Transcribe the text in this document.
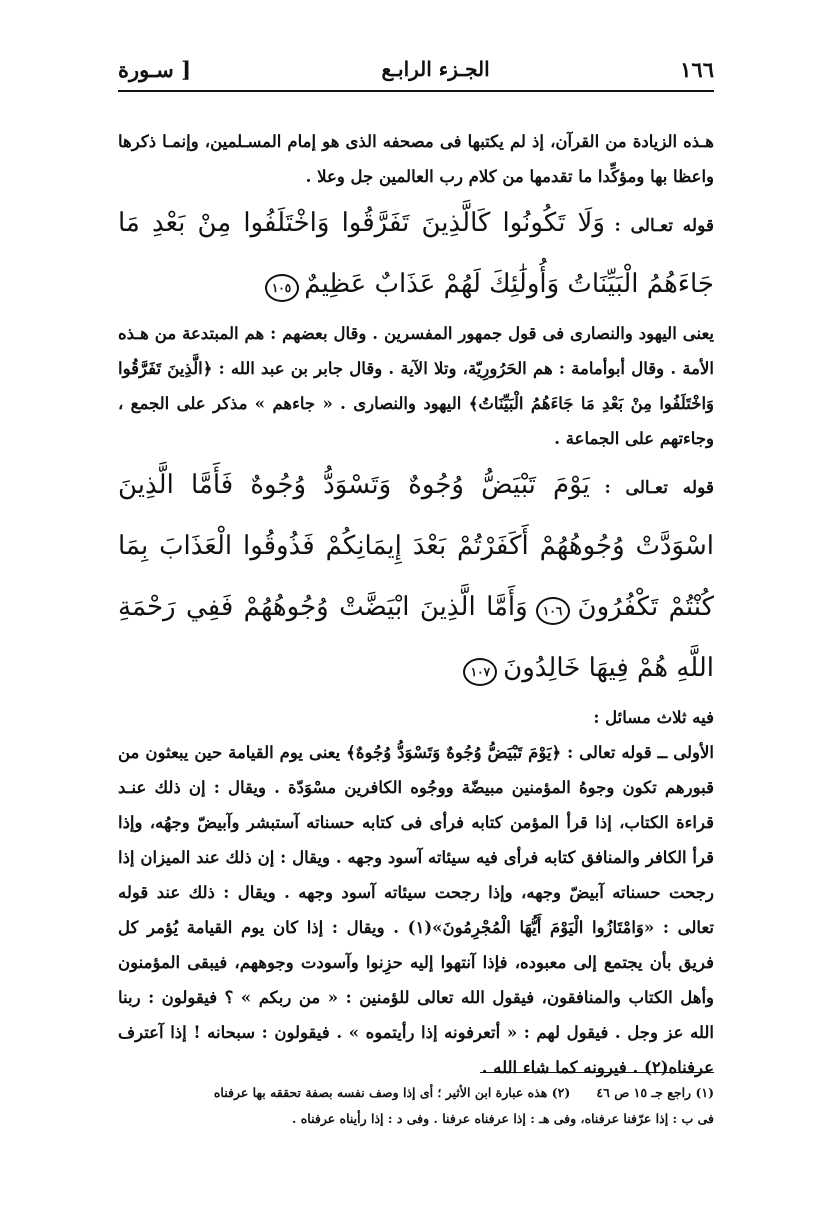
١٦٦
الجـزء الرابـع
[ سـورة

هـذه الزيادة من القرآن، إذ لم يكتبها فى مصحفه الذى هو إمام المسـلمين، وإنمـا ذكرها واعظا بها ومؤكِّدا ما تقدمها من كلام رب العالمين جل وعلا .

قوله تعـالى : وَلَا تَكُونُوا كَالَّذِينَ تَفَرَّقُوا وَاخْتَلَفُوا مِنْ بَعْدِ مَا جَاءَهُمُ الْبَيِّنَاتُ وَأُولَٰئِكَ لَهُمْ عَذَابٌ عَظِيمٌ ١٠٥

يعنى اليهود والنصارى فى قول جمهور المفسرين . وقال بعضهم : هم المبتدعة من هـذه الأمة . وقال أبوأمامة : هم الحَرُورِيّة، وتلا الآية . وقال جابر بن عبد الله : ﴿الَّذِينَ تَفَرَّقُوا وَاخْتَلَفُوا مِنْ بَعْدِ مَا جَاءَهُمُ الْبَيِّنَاتُ﴾ اليهود والنصارى . « جاءهم » مذكر على الجمع ، وجاءتهم على الجماعة .

قوله تعـالى : يَوْمَ تَبْيَضُّ وُجُوهٌ وَتَسْوَدُّ وُجُوهٌ فَأَمَّا الَّذِينَ اسْوَدَّتْ وُجُوهُهُمْ أَكَفَرْتُمْ بَعْدَ إِيمَانِكُمْ فَذُوقُوا الْعَذَابَ بِمَا كُنْتُمْ تَكْفُرُونَ ١٠٦ وَأَمَّا الَّذِينَ ابْيَضَّتْ وُجُوهُهُمْ فَفِي رَحْمَةِ اللَّهِ هُمْ فِيهَا خَالِدُونَ ١٠٧

فيه ثلاث مسائل :

الأولى ــ قوله تعالى : ﴿يَوْمَ تَبْيَضُّ وُجُوهٌ وَتَسْوَدُّ وُجُوهٌ﴾ يعنى يوم القيامة حين يبعثون من قبورهم تكون وجوهُ المؤمنين مبيضّة ووجُوه الكافرين مسْوَدّة . ويقال : إن ذلك عنـد قراءة الكتاب، إذا قرأ المؤمن كتابه فرأى فى كتابه حسناته آستبشر وآبيضّ وجهُه، وإذا قرأ الكافر والمنافق كتابه فرأى فيه سيئاته آسود وجهه . ويقال : إن ذلك عند الميزان إذا رجحت حسناته آبيضّ وجهه، وإذا رجحت سيئاته آسود وجهه . ويقال : ذلك عند قوله تعالى : «وَامْتَازُوا الْيَوْمَ أَيُّهَا الْمُجْرِمُونَ»(١) . ويقال : إذا كان يوم القيامة يُؤمر كل فريق بأن يجتمع إلى معبوده، فإذا آنتهوا إليه حزِنوا وآسودت وجوههم، فيبقى المؤمنون وأهل الكتاب والمنافقون، فيقول الله تعالى للؤمنين : « من ربكم » ؟ فيقولون : ربنا الله عز وجل . فيقول لهم : « أتعرفونه إذا رأيتموه » . فيقولون : سبحانه ! إذا آعترف عرفناه(٢) . فيرونه كما شاء الله .

(١) راجع جـ ١٥ ص ٤٦      (٢) هذه عبارة ابن الأثير ؛ أى إذا وصف نفسه بصفة تحققه بها عرفناه

فى ب : إذا عرّفنا عرفناه، وفى هـ : إذا عرفناه عرفنا . وفى د : إذا رأيناه عرفناه .
